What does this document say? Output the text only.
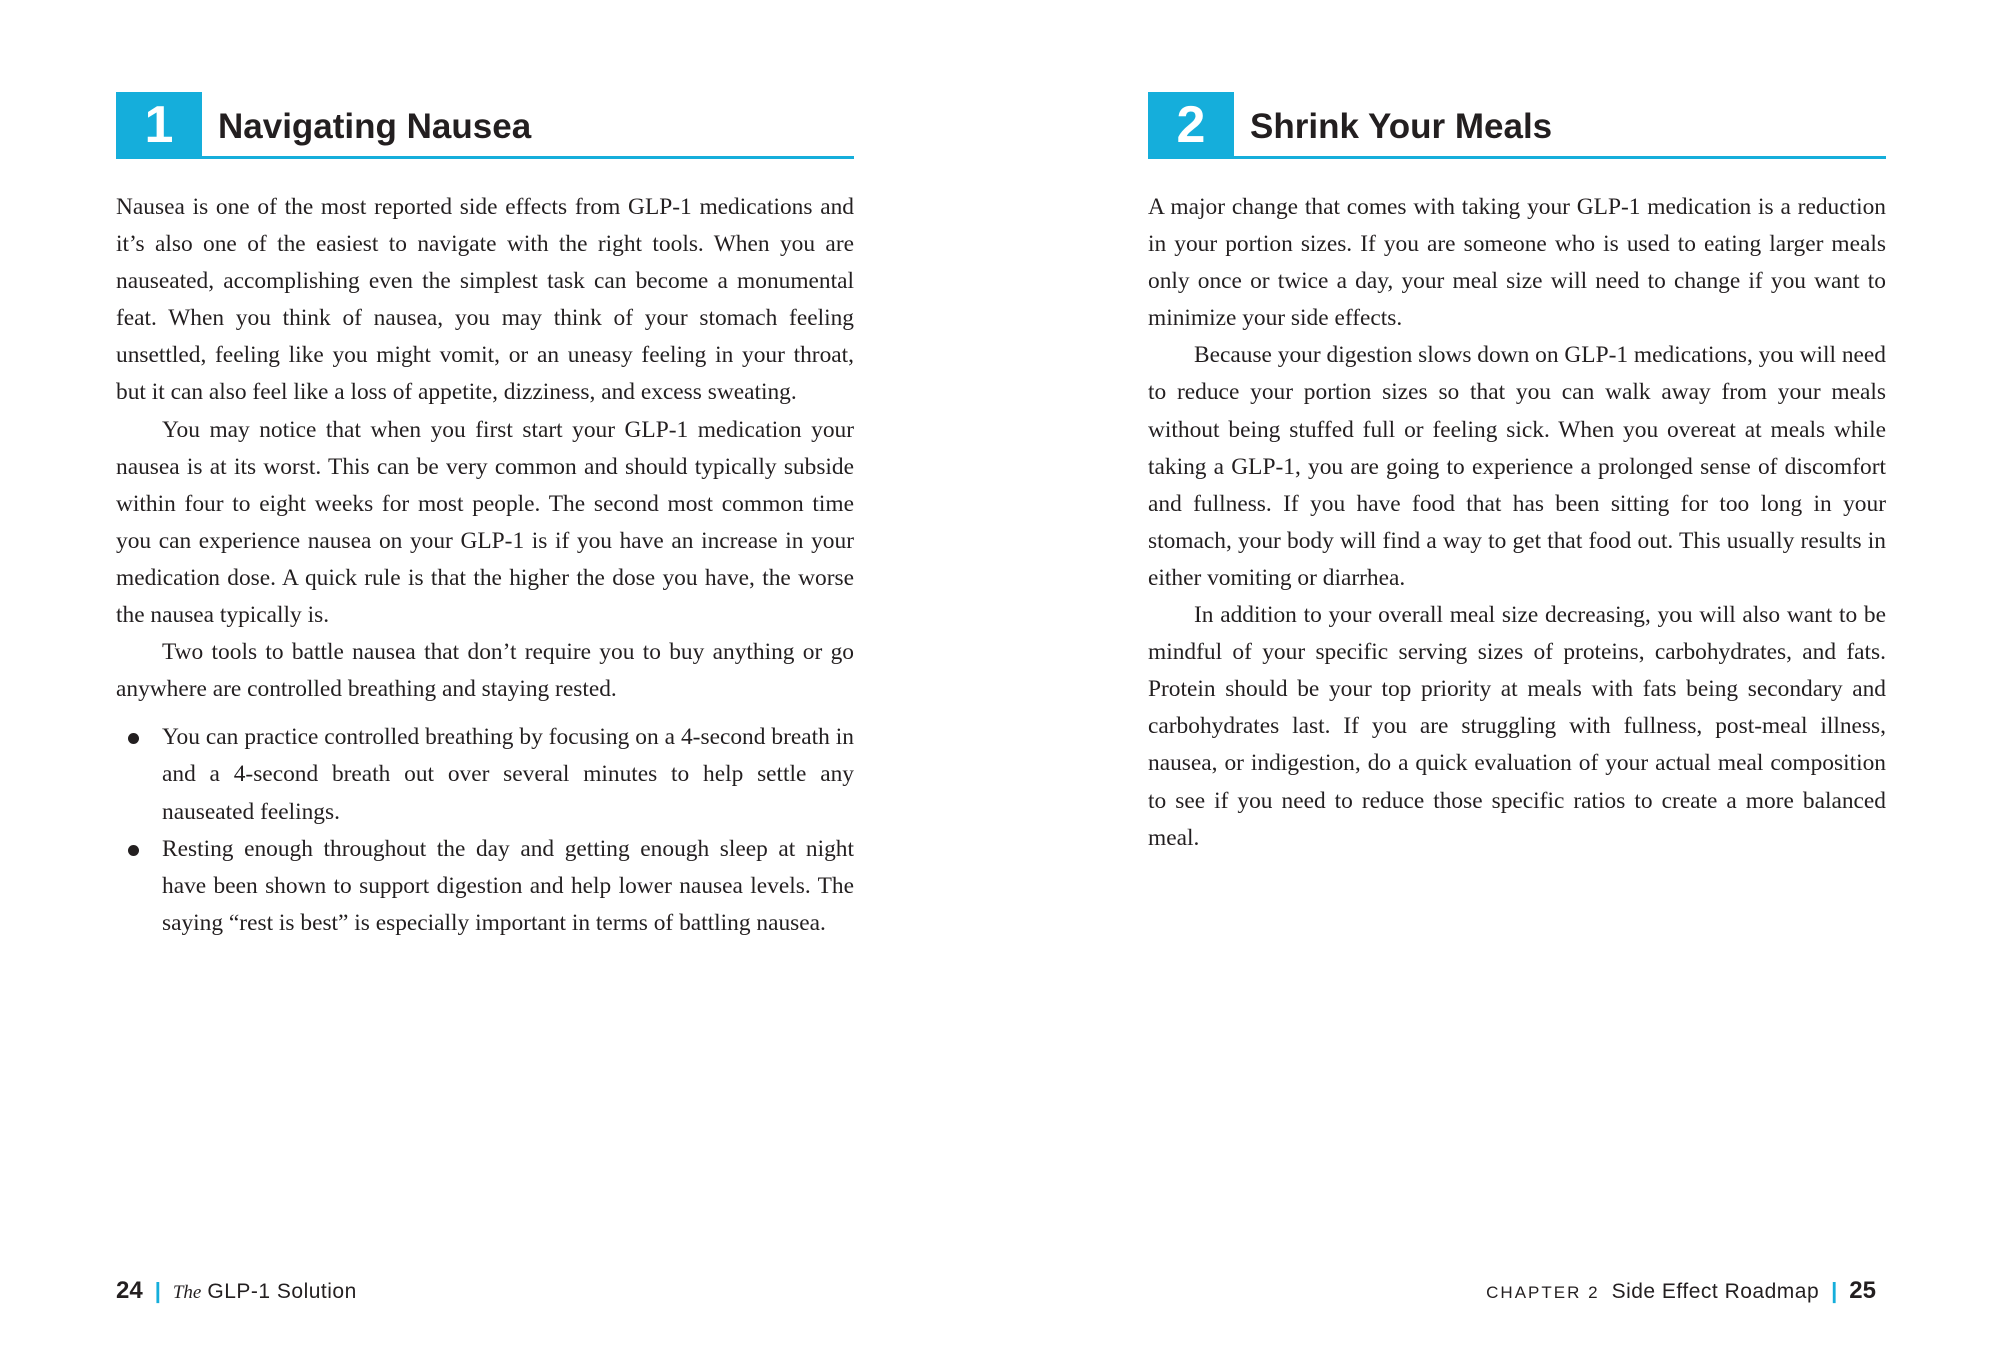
1	Navigating Nausea

Nausea is one of the most reported side effects from GLP-1 medications and it’s also one of the easiest to navigate with the right tools. When you are nauseated, accomplishing even the simplest task can become a monumental feat. When you think of nausea, you may think of your stomach feeling unsettled, feeling like you might vomit, or an uneasy feeling in your throat, but it can also feel like a loss of appetite, dizziness, and excess sweating.

You may notice that when you first start your GLP-1 medication your nausea is at its worst. This can be very common and should typically subside within four to eight weeks for most people. The second most common time you can experience nausea on your GLP-1 is if you have an increase in your medication dose. A quick rule is that the higher the dose you have, the worse the nausea typically is.

Two tools to battle nausea that don’t require you to buy anything or go anywhere are controlled breathing and staying rested.

You can practice controlled breathing by focusing on a 4-second breath in and a 4-second breath out over several minutes to help settle any nauseated feelings.
Resting enough throughout the day and getting enough sleep at night have been shown to support digestion and help lower nausea levels. The saying “rest is best” is especially important in terms of battling nausea.
24 | The GLP-1 Solution
2	Shrink Your Meals

A major change that comes with taking your GLP-1 medication is a reduction in your portion sizes. If you are someone who is used to eating larger meals only once or twice a day, your meal size will need to change if you want to minimize your side effects.

Because your digestion slows down on GLP-1 medications, you will need to reduce your portion sizes so that you can walk away from your meals without being stuffed full or feeling sick. When you overeat at meals while taking a GLP-1, you are going to experience a prolonged sense of discomfort and fullness. If you have food that has been sitting for too long in your stomach, your body will find a way to get that food out. This usually results in either vomiting or diarrhea.

In addition to your overall meal size decreasing, you will also want to be mindful of your specific serving sizes of proteins, carbohydrates, and fats. Protein should be your top priority at meals with fats being secondary and carbohydrates last. If you are struggling with fullness, post-meal illness, nausea, or indigestion, do a quick evaluation of your actual meal composition to see if you need to reduce those specific ratios to create a more balanced meal.

CHAPTER 2 Side Effect Roadmap | 25
